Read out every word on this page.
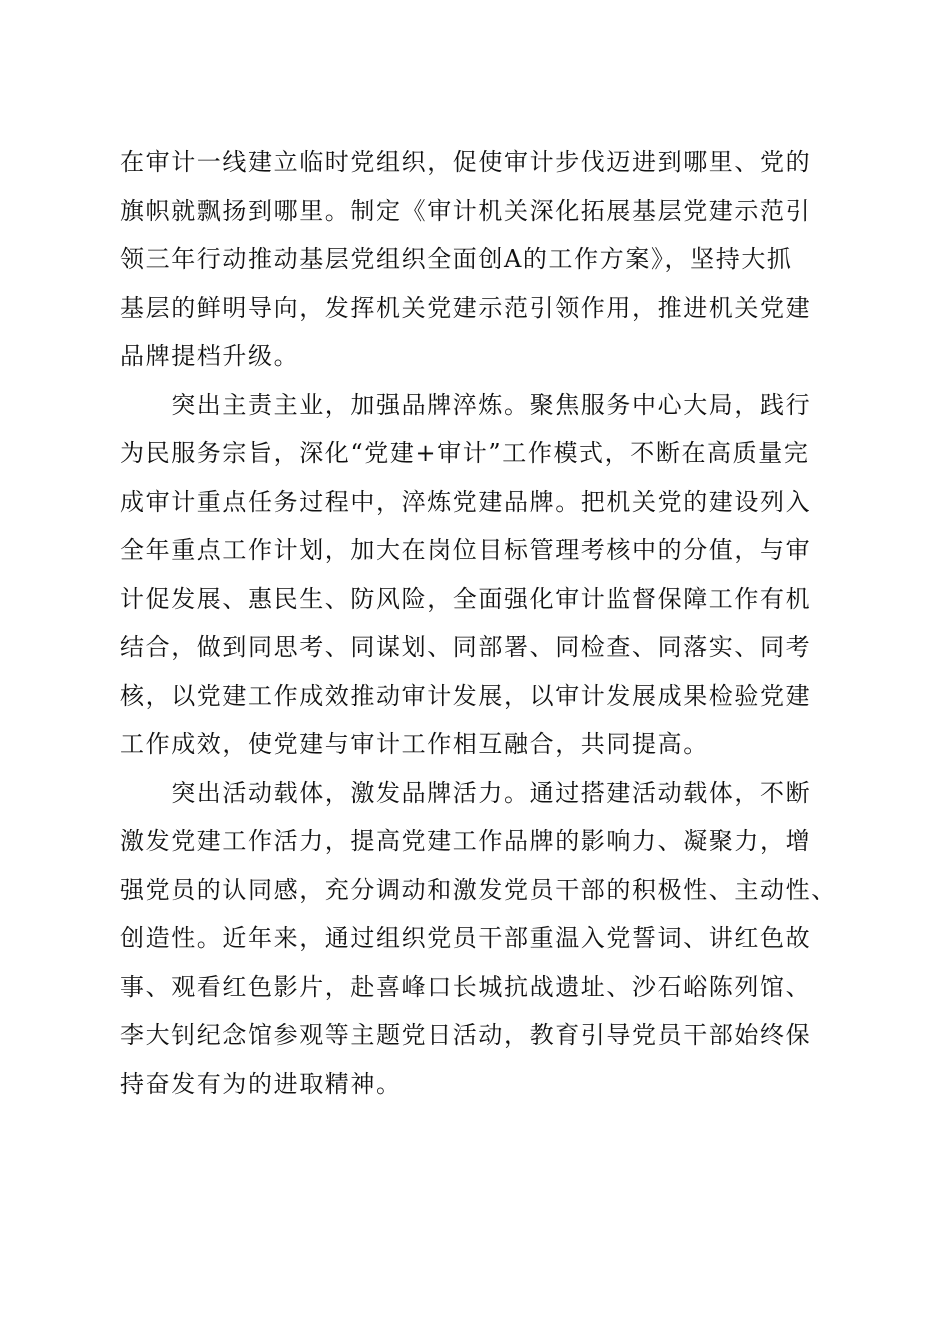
在审计一线建立临时党组织，促使审计步伐迈进到哪里、党的
旗帜就飘扬到哪里。制定《审计机关深化拓展基层党建示范引
领三年行动推动基层党组织全面创A的工作方案》，坚持大抓
基层的鲜明导向，发挥机关党建示范引领作用，推进机关党建
品牌提档升级。

　　突出主责主业，加强品牌淬炼。聚焦服务中心大局，践行
为民服务宗旨，深化“党建+审计”工作模式，不断在高质量完
成审计重点任务过程中，淬炼党建品牌。把机关党的建设列入
全年重点工作计划，加大在岗位目标管理考核中的分值，与审
计促发展、惠民生、防风险，全面强化审计监督保障工作有机
结合，做到同思考、同谋划、同部署、同检查、同落实、同考
核，以党建工作成效推动审计发展，以审计发展成果检验党建
工作成效，使党建与审计工作相互融合，共同提高。

　　突出活动载体，激发品牌活力。通过搭建活动载体，不断
激发党建工作活力，提高党建工作品牌的影响力、凝聚力，增
强党员的认同感，充分调动和激发党员干部的积极性、主动性、
创造性。近年来，通过组织党员干部重温入党誓词、讲红色故
事、观看红色影片，赴喜峰口长城抗战遗址、沙石峪陈列馆、
李大钊纪念馆参观等主题党日活动，教育引导党员干部始终保
持奋发有为的进取精神。
